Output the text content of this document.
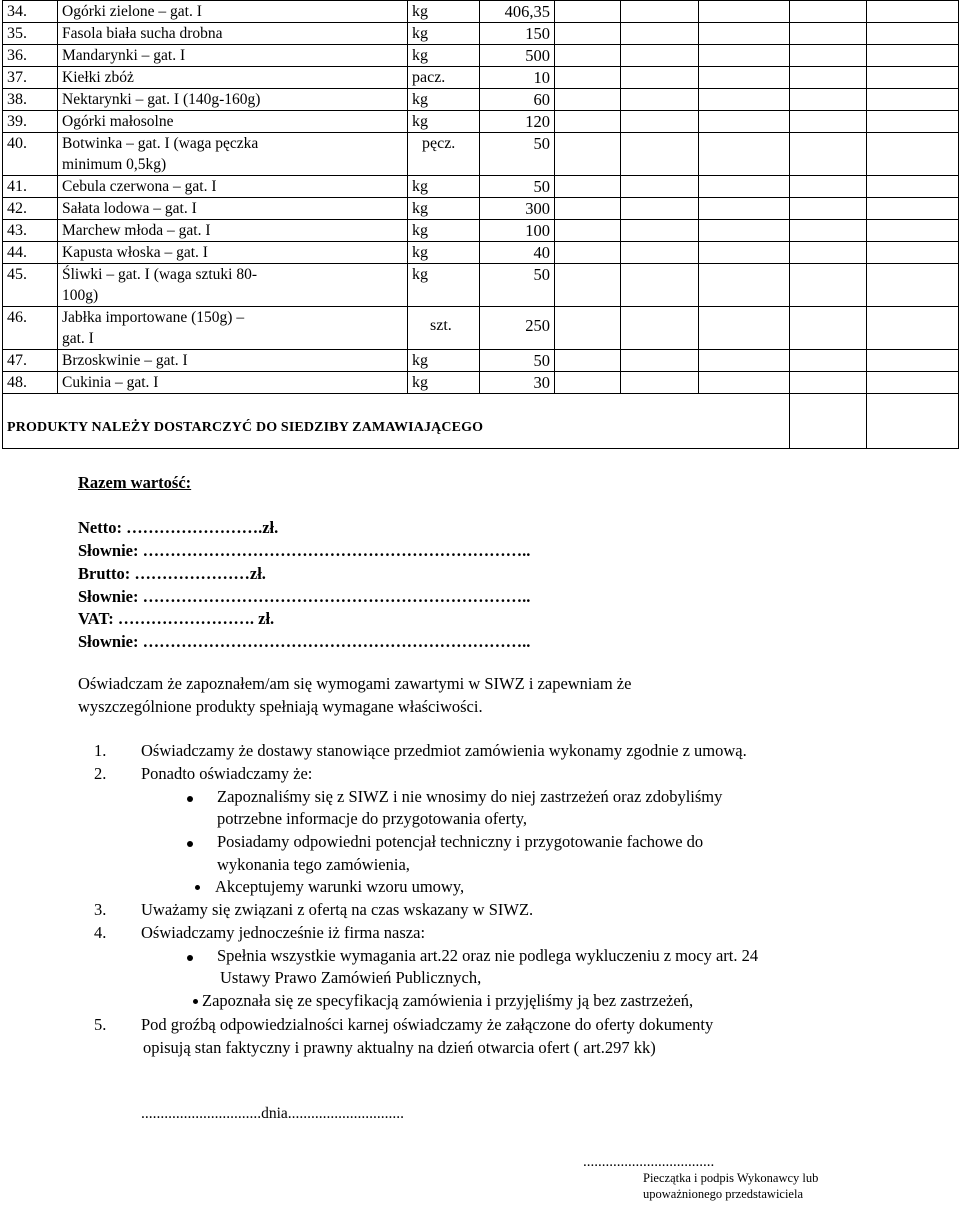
34.	Ogórki zielone – gat. I	kg	406,35					
35.	Fasola biała sucha drobna	kg	150					
36.	Mandarynki – gat. I	kg	500					
37.	Kiełki zbóż	pacz.	10					
38.	Nektarynki – gat. I (140g-160g)	kg	60					
39.	Ogórki małosolne	kg	120					
40.	Botwinka – gat. I (waga pęczka
minimum 0,5kg)	pęcz.	50					
41.	Cebula czerwona – gat. I	kg	50					
42.	Sałata lodowa – gat. I	kg	300					
43.	Marchew młoda – gat. I	kg	100					
44.	Kapusta włoska – gat. I	kg	40					
45.	Śliwki – gat. I (waga sztuki 80-
100g)	kg	50					
46.	Jabłka importowane (150g) –
gat. I	szt.	250					
47.	Brzoskwinie – gat. I	kg	50					
48.	Cukinia – gat. I	kg	30					
PRODUKTY NALEŻY DOSTARCZYĆ DO SIEDZIBY ZAMAWIAJĄCEGO								
Razem wartość:
Netto: …………………….zł.
Słownie: ……………………………………………………………..
Brutto: …………………zł.
Słownie: ……………………………………………………………..
VAT: ……………………. zł.
Słownie: ……………………………………………………………..
Oświadczam że zapoznałem/am się wymogami zawartymi w SIWZ i zapewniam że
wyszczególnione produkty spełniają wymagane właściwości.
1. Oświadczamy że dostawy stanowiące przedmiot zamówienia wykonamy zgodnie z umową.
2. Ponadto oświadczamy że:
Zapoznaliśmy się z SIWZ i nie wnosimy do niej zastrzeżeń oraz zdobyliśmy
potrzebne informacje do przygotowania oferty,
Posiadamy odpowiedni potencjał techniczny i przygotowanie fachowe do
wykonania tego zamówienia,
Akceptujemy warunki wzoru umowy,
3. Uważamy się związani z ofertą na czas wskazany w SIWZ.
4. Oświadczamy jednocześnie iż firma nasza:
Spełnia wszystkie wymagania art.22 oraz nie podlega wykluczeniu z mocy art. 24
Ustawy Prawo Zamówień Publicznych,
Zapoznała się ze specyfikacją zamówienia i przyjęliśmy ją bez zastrzeżeń,
5. Pod groźbą odpowiedzialności karnej oświadczamy że załączone do oferty dokumenty
opisują stan faktyczny i prawny aktualny na dzień otwarcia ofert ( art.297 kk)
...............................dnia..............................
...................................
Pieczątka i podpis Wykonawcy lub
upoważnionego przedstawiciela
